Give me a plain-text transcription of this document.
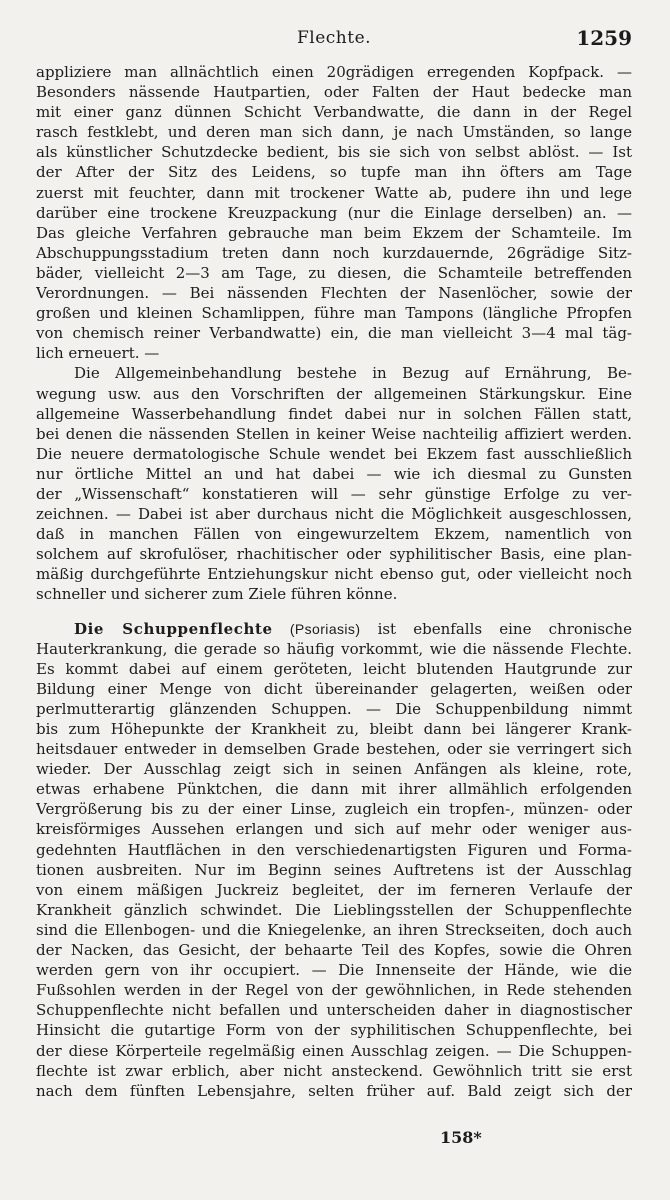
Flechte.	1259
appliziere man allnächtlich einen 20grädigen erregenden Kopfpack. —
Besonders nässende Hautpartien, oder Falten der Haut bedecke man
mit einer ganz dünnen Schicht Verbandwatte, die dann in der Regel
rasch festklebt, und deren man sich dann, je nach Umständen, so lange
als künstlicher Schutzdecke bedient, bis sie sich von selbst ablöst. — Ist
der After der Sitz des Leidens, so tupfe man ihn öfters am Tage
zuerst mit feuchter, dann mit trockener Watte ab, pudere ihn und lege
darüber eine trockene Kreuzpackung (nur die Einlage derselben) an. —
Das gleiche Verfahren gebrauche man beim Ekzem der Schamteile. Im
Abschuppungsstadium treten dann noch kurzdauernde, 26grädige Sitz-
bäder, vielleicht 2—3 am Tage, zu diesen, die Schamteile betreffenden
Verordnungen. — Bei nässenden Flechten der Nasenlöcher, sowie der
großen und kleinen Schamlippen, führe man Tampons (längliche Pfropfen
von chemisch reiner Verbandwatte) ein, die man vielleicht 3—4 mal täg-
lich erneuert. —
Die Allgemeinbehandlung bestehe in Bezug auf Ernährung, Be-
wegung usw. aus den Vorschriften der allgemeinen Stärkungskur. Eine
allgemeine Wasserbehandlung findet dabei nur in solchen Fällen statt,
bei denen die nässenden Stellen in keiner Weise nachteilig affiziert werden.
Die neuere dermatologische Schule wendet bei Ekzem fast ausschließlich
nur örtliche Mittel an und hat dabei — wie ich diesmal zu Gunsten
der „Wissenschaft“ konstatieren will — sehr günstige Erfolge zu ver-
zeichnen. — Dabei ist aber durchaus nicht die Möglichkeit ausgeschlossen,
daß in manchen Fällen von eingewurzeltem Ekzem, namentlich von
solchem auf skrofulöser, rhachitischer oder syphilitischer Basis, eine plan-
mäßig durchgeführte Entziehungskur nicht ebenso gut, oder vielleicht noch
schneller und sicherer zum Ziele führen könne.
Die Schuppenflechte (Psoriasis) ist ebenfalls eine chronische
Hauterkrankung, die gerade so häufig vorkommt, wie die nässende Flechte.
Es kommt dabei auf einem geröteten, leicht blutenden Hautgrunde zur
Bildung einer Menge von dicht übereinander gelagerten, weißen oder
perlmutterartig glänzenden Schuppen. — Die Schuppenbildung nimmt
bis zum Höhepunkte der Krankheit zu, bleibt dann bei längerer Krank-
heitsdauer entweder in demselben Grade bestehen, oder sie verringert sich
wieder. Der Ausschlag zeigt sich in seinen Anfängen als kleine, rote,
etwas erhabene Pünktchen, die dann mit ihrer allmählich erfolgenden
Vergrößerung bis zu der einer Linse, zugleich ein tropfen-, münzen- oder
kreisförmiges Aussehen erlangen und sich auf mehr oder weniger aus-
gedehnten Hautflächen in den verschiedenartigsten Figuren und Forma-
tionen ausbreiten. Nur im Beginn seines Auftretens ist der Ausschlag
von einem mäßigen Juckreiz begleitet, der im ferneren Verlaufe der
Krankheit gänzlich schwindet. Die Lieblingsstellen der Schuppenflechte
sind die Ellenbogen- und die Kniegelenke, an ihren Streckseiten, doch auch
der Nacken, das Gesicht, der behaarte Teil des Kopfes, sowie die Ohren
werden gern von ihr occupiert. — Die Innenseite der Hände, wie die
Fußsohlen werden in der Regel von der gewöhnlichen, in Rede stehenden
Schuppenflechte nicht befallen und unterscheiden daher in diagnostischer
Hinsicht die gutartige Form von der syphilitischen Schuppenflechte, bei
der diese Körperteile regelmäßig einen Ausschlag zeigen. — Die Schuppen-
flechte ist zwar erblich, aber nicht ansteckend. Gewöhnlich tritt sie erst
nach dem fünften Lebensjahre, selten früher auf. Bald zeigt sich der
158*
